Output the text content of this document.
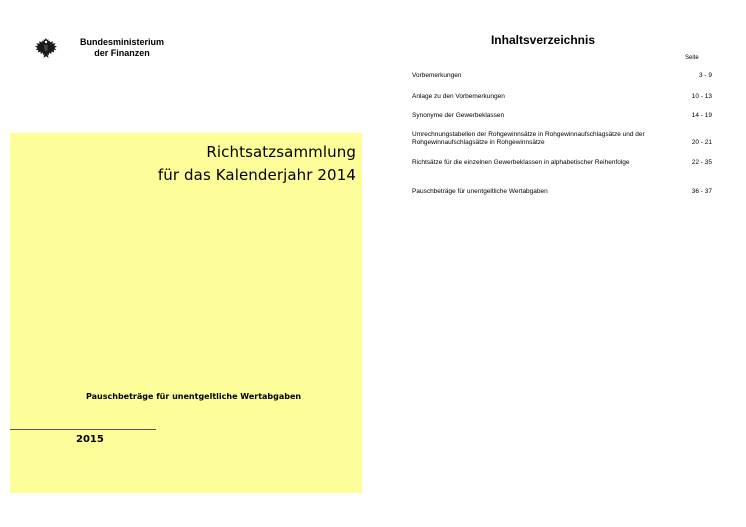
Bundesministerium
der Finanzen
Richtsatzsammlung
für das Kalenderjahr 2014
Pauschbeträge für unentgeltliche Wertabgaben
2015
Inhaltsverzeichnis
Seite
Vorbemerkungen	3 - 9
Anlage zu den Vorbemerkungen	10 - 13
Synonyme der Gewerbeklassen	14 - 19
Umrechnungstabellen der Rohgewinnsätze in Rohgewinnaufschlagsätze und der Rohgewinnaufschlagsätze in Rohgewinnsätze	20 - 21
Richtsätze für die einzelnen Gewerbeklassen in alphabetischer Reihenfolge	22 - 35
Pauschbeträge für unentgeltliche Wertabgaben	36 - 37
